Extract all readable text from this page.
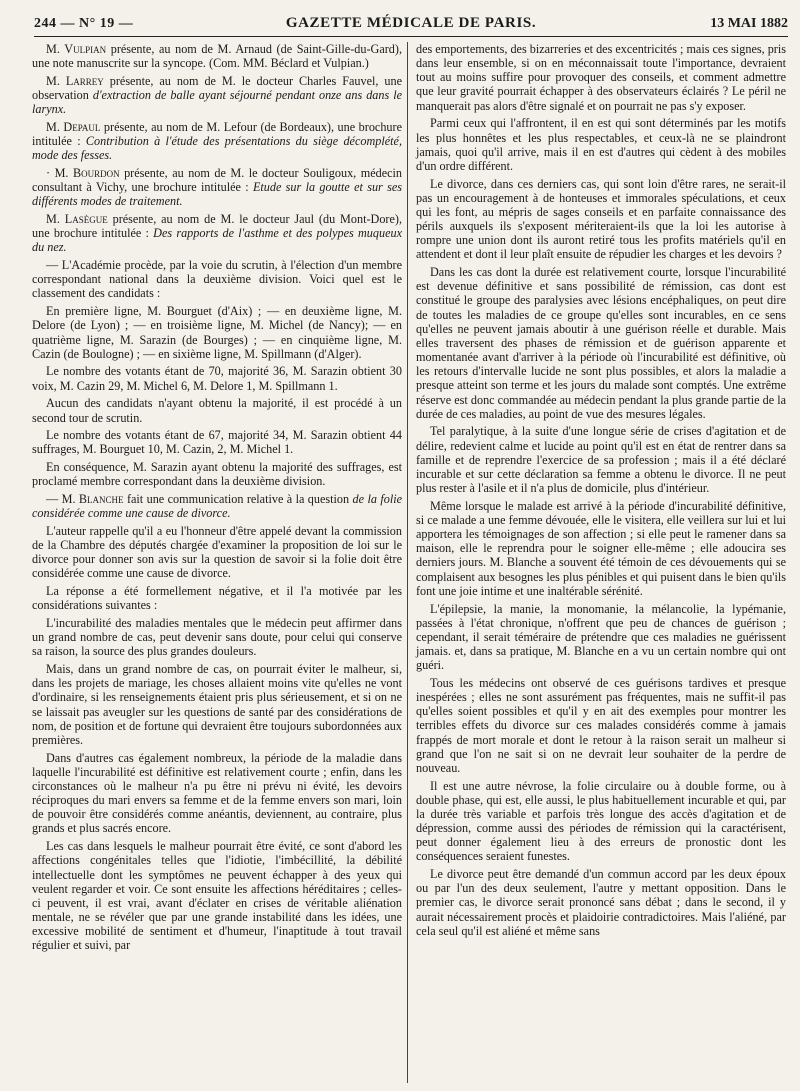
244 — N° 19 —	GAZETTE MÉDICALE DE PARIS.	13 MAI 1882

M. Vulpian présente, au nom de M. Arnaud (de Saint-Gille-du-Gard), une note manuscrite sur la syncope. (Com. MM. Béclard et Vulpian.)

M. Larrey présente, au nom de M. le docteur Charles Fauvel, une observation d'extraction de balle ayant séjourné pendant onze ans dans le larynx.

M. Depaul présente, au nom de M. Lefour (de Bordeaux), une brochure intitulée : Contribution à l'étude des présentations du siège décomplété, mode des fesses.

· M. Bourdon présente, au nom de M. le docteur Souligoux, médecin consultant à Vichy, une brochure intitulée : Etude sur la goutte et sur ses différents modes de traitement.

M. Lasègue présente, au nom de M. le docteur Jaul (du Mont-Dore), une brochure intitulée : Des rapports de l'asthme et des polypes muqueux du nez.

— L'Académie procède, par la voie du scrutin, à l'élection d'un membre correspondant national dans la deuxième division. Voici quel est le classement des candidats :

En première ligne, M. Bourguet (d'Aix) ; — en deuxième ligne, M. Delore (de Lyon) ; — en troisième ligne, M. Michel (de Nancy); — en quatrième ligne, M. Sarazin (de Bourges) ; — en cinquième ligne, M. Cazin (de Boulogne) ; — en sixième ligne, M. Spillmann (d'Alger).

Le nombre des votants étant de 70, majorité 36, M. Sarazin obtient 30 voix, M. Cazin 29, M. Michel 6, M. Delore 1, M. Spillmann 1.

Aucun des candidats n'ayant obtenu la majorité, il est procédé à un second tour de scrutin.

Le nombre des votants étant de 67, majorité 34, M. Sarazin obtient 44 suffrages, M. Bourguet 10, M. Cazin, 2, M. Michel 1.

En conséquence, M. Sarazin ayant obtenu la majorité des suffrages, est proclamé membre correspondant dans la deuxième division.

— M. Blanche fait une communication relative à la question de la folie considérée comme une cause de divorce.

L'auteur rappelle qu'il a eu l'honneur d'être appelé devant la commission de la Chambre des députés chargée d'examiner la proposition de loi sur le divorce pour donner son avis sur la question de savoir si la folie doit être considérée comme une cause de divorce.

La réponse a été formellement négative, et il l'a motivée par les considérations suivantes :

L'incurabilité des maladies mentales que le médecin peut affirmer dans un grand nombre de cas, peut devenir sans doute, pour celui qui conserve sa raison, la source des plus grandes douleurs.

Mais, dans un grand nombre de cas, on pourrait éviter le malheur, si, dans les projets de mariage, les choses allaient moins vite qu'elles ne vont d'ordinaire, si les renseignements étaient pris plus sérieusement, et si on ne se laissait pas aveugler sur les questions de santé par des considérations de nom, de position et de fortune qui devraient être toujours subordonnées aux premières.

Dans d'autres cas également nombreux, la période de la maladie dans laquelle l'incurabilité est définitive est relativement courte ; enfin, dans les circonstances où le malheur n'a pu être ni prévu ni évité, les devoirs réciproques du mari envers sa femme et de la femme envers son mari, loin de pouvoir être considérés comme anéantis, deviennent, au contraire, plus grands et plus sacrés encore.

Les cas dans lesquels le malheur pourrait être évité, ce sont d'abord les affections congénitales telles que l'idiotie, l'imbécillité, la débilité intellectuelle dont les symptômes ne peuvent échapper à des yeux qui veulent regarder et voir. Ce sont ensuite les affections héréditaires ; celles-ci peuvent, il est vrai, avant d'éclater en crises de véritable aliénation mentale, ne se révéler que par une grande instabilité dans les idées, une excessive mobilité de sentiment et d'humeur, l'inaptitude à tout travail régulier et suivi, par

des emportements, des bizarreries et des excentricités ; mais ces signes, pris dans leur ensemble, si on en méconnaissait toute l'importance, devraient tout au moins suffire pour provoquer des conseils, et comment admettre que leur gravité pourrait échapper à des observateurs éclairés ? Le péril ne manquerait pas alors d'être signalé et on pourrait ne pas s'y exposer.

Parmi ceux qui l'affrontent, il en est qui sont déterminés par les motifs les plus honnêtes et les plus respectables, et ceux-là ne se plaindront jamais, quoi qu'il arrive, mais il en est d'autres qui cèdent à des mobiles d'un ordre différent.

Le divorce, dans ces derniers cas, qui sont loin d'être rares, ne serait-il pas un encouragement à de honteuses et immorales spéculations, et ceux qui les font, au mépris de sages conseils et en parfaite connaissance des périls auxquels ils s'exposent mériteraient-ils que la loi les autorise à rompre une union dont ils auront retiré tous les profits matériels qu'il en attendent et dont il leur plaît ensuite de répudier les charges et les devoirs ?

Dans les cas dont la durée est relativement courte, lorsque l'incurabilité est devenue définitive et sans possibilité de rémission, cas dont est constitué le groupe des paralysies avec lésions encéphaliques, on peut dire de toutes les maladies de ce groupe qu'elles sont incurables, en ce sens qu'elles ne peuvent jamais aboutir à une guérison réelle et durable. Mais elles traversent des phases de rémission et de guérison apparente et momentanée avant d'arriver à la période où l'incurabilité est définitive, où les retours d'intervalle lucide ne sont plus possibles, et alors la maladie a presque atteint son terme et les jours du malade sont comptés. Une extrême réserve est donc commandée au médecin pendant la plus grande partie de la durée de ces maladies, au point de vue des mesures légales.

Tel paralytique, à la suite d'une longue série de crises d'agitation et de délire, redevient calme et lucide au point qu'il est en état de rentrer dans sa famille et de reprendre l'exercice de sa profession ; mais il a été déclaré incurable et sur cette déclaration sa femme a obtenu le divorce. Il ne peut plus rester à l'asile et il n'a plus de domicile, plus d'intérieur.

Même lorsque le malade est arrivé à la période d'incurabilité définitive, si ce malade a une femme dévouée, elle le visitera, elle veillera sur lui et lui apportera les témoignages de son affection ; si elle peut le ramener dans sa maison, elle le reprendra pour le soigner elle-même ; elle adoucira ses derniers jours. M. Blanche a souvent été témoin de ces dévouements qui se complaisent aux besognes les plus pénibles et qui puisent dans le bien qu'ils font une joie intime et une inaltérable sérénité.

L'épilepsie, la manie, la monomanie, la mélancolie, la lypémanie, passées à l'état chronique, n'offrent que peu de chances de guérison ; cependant, il serait téméraire de prétendre que ces maladies ne guérissent jamais. et, dans sa pratique, M. Blanche en a vu un certain nombre qui ont guéri.

Tous les médecins ont observé de ces guérisons tardives et presque inespérées ; elles ne sont assurément pas fréquentes, mais ne suffit-il pas qu'elles soient possibles et qu'il y en ait des exemples pour montrer les terribles effets du divorce sur ces malades considérés comme à jamais frappés de mort morale et dont le retour à la raison serait un malheur si grand que l'on ne sait si on ne devrait leur souhaiter de la perdre de nouveau.

Il est une autre névrose, la folie circulaire ou à double forme, ou à double phase, qui est, elle aussi, le plus habituellement incurable et qui, par la durée très variable et parfois très longue des accès d'agitation et de dépression, comme aussi des périodes de rémission qui la caractérisent, peut donner également lieu à des erreurs de pronostic dont les conséquences seraient funestes.

Le divorce peut être demandé d'un commun accord par les deux époux ou par l'un des deux seulement, l'autre y mettant opposition. Dans le premier cas, le divorce serait prononcé sans débat ; dans le second, il y aurait nécessairement procès et plaidoirie contradictoires. Mais l'aliéné, par cela seul qu'il est aliéné et même sans
